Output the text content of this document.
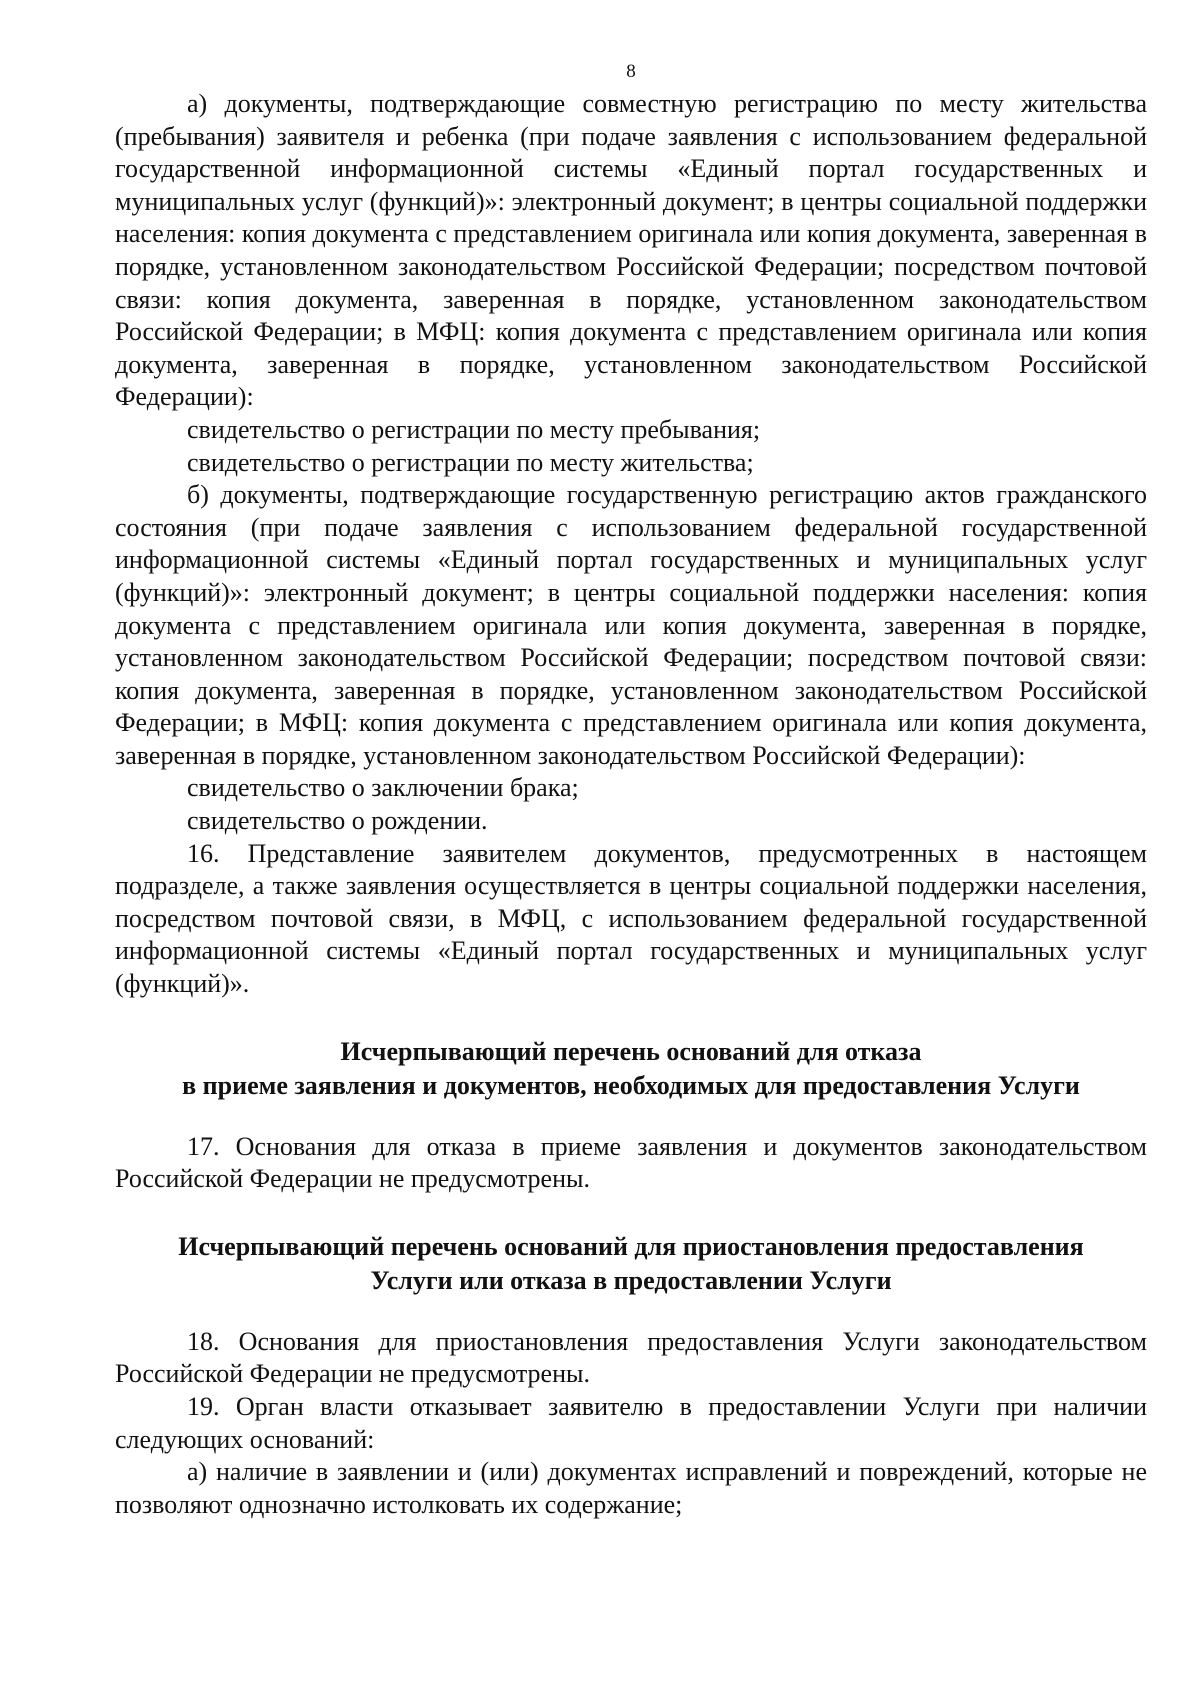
8

а) документы, подтверждающие совместную регистрацию по месту жительства (пребывания) заявителя и ребенка (при подаче заявления с использованием федеральной государственной информационной системы «Единый портал государственных и муниципальных услуг (функций)»: электронный документ; в центры социальной поддержки населения: копия документа с представлением оригинала или копия документа, заверенная в порядке, установленном законодательством Российской Федерации; посредством почтовой связи: копия документа, заверенная в порядке, установленном законодательством Российской Федерации; в МФЦ: копия документа с представлением оригинала или копия документа, заверенная в порядке, установленном законодательством Российской Федерации):

свидетельство о регистрации по месту пребывания;

свидетельство о регистрации по месту жительства;

б) документы, подтверждающие государственную регистрацию актов гражданского состояния (при подаче заявления с использованием федеральной государственной информационной системы «Единый портал государственных и муниципальных услуг (функций)»: электронный документ; в центры социальной поддержки населения: копия документа с представлением оригинала или копия документа, заверенная в порядке, установленном законодательством Российской Федерации; посредством почтовой связи: копия документа, заверенная в порядке, установленном законодательством Российской Федерации; в МФЦ: копия документа с представлением оригинала или копия документа, заверенная в порядке, установленном законодательством Российской Федерации):

свидетельство о заключении брака;

свидетельство о рождении.

16. Представление заявителем документов, предусмотренных в настоящем подразделе, а также заявления осуществляется в центры социальной поддержки населения, посредством почтовой связи, в МФЦ, с использованием федеральной государственной информационной системы «Единый портал государственных и муниципальных услуг (функций)».

Исчерпывающий перечень оснований для отказа
в приеме заявления и документов, необходимых для предоставления Услуги

17. Основания для отказа в приеме заявления и документов законодательством Российской Федерации не предусмотрены.

Исчерпывающий перечень оснований для приостановления предоставления
Услуги или отказа в предоставлении Услуги

18. Основания для приостановления предоставления Услуги законодательством Российской Федерации не предусмотрены.

19. Орган власти отказывает заявителю в предоставлении Услуги при наличии следующих оснований:

а) наличие в заявлении и (или) документах исправлений и повреждений, которые не позволяют однозначно истолковать их содержание;
